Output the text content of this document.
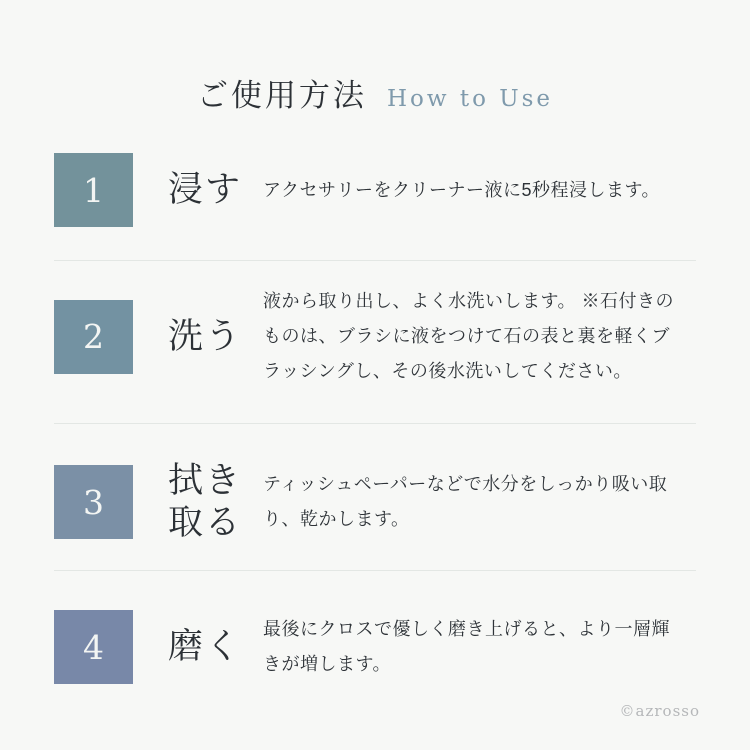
ご使用方法 How to Use
1 浸す	アクセサリーをクリーナー液に5秒程浸します。
2 洗う
液から取り出し、よく水洗いします。 ※石付きのものは、ブラシに液をつけて石の表と裏を軽くブラッシングし、その後水洗いしてください。
3
拭き取る
ティッシュペーパーなどで水分をしっかり吸い取り、乾かします。
4 磨く	最後にクロスで優しく磨き上げると、より一層輝きが増します。
©azrosso
